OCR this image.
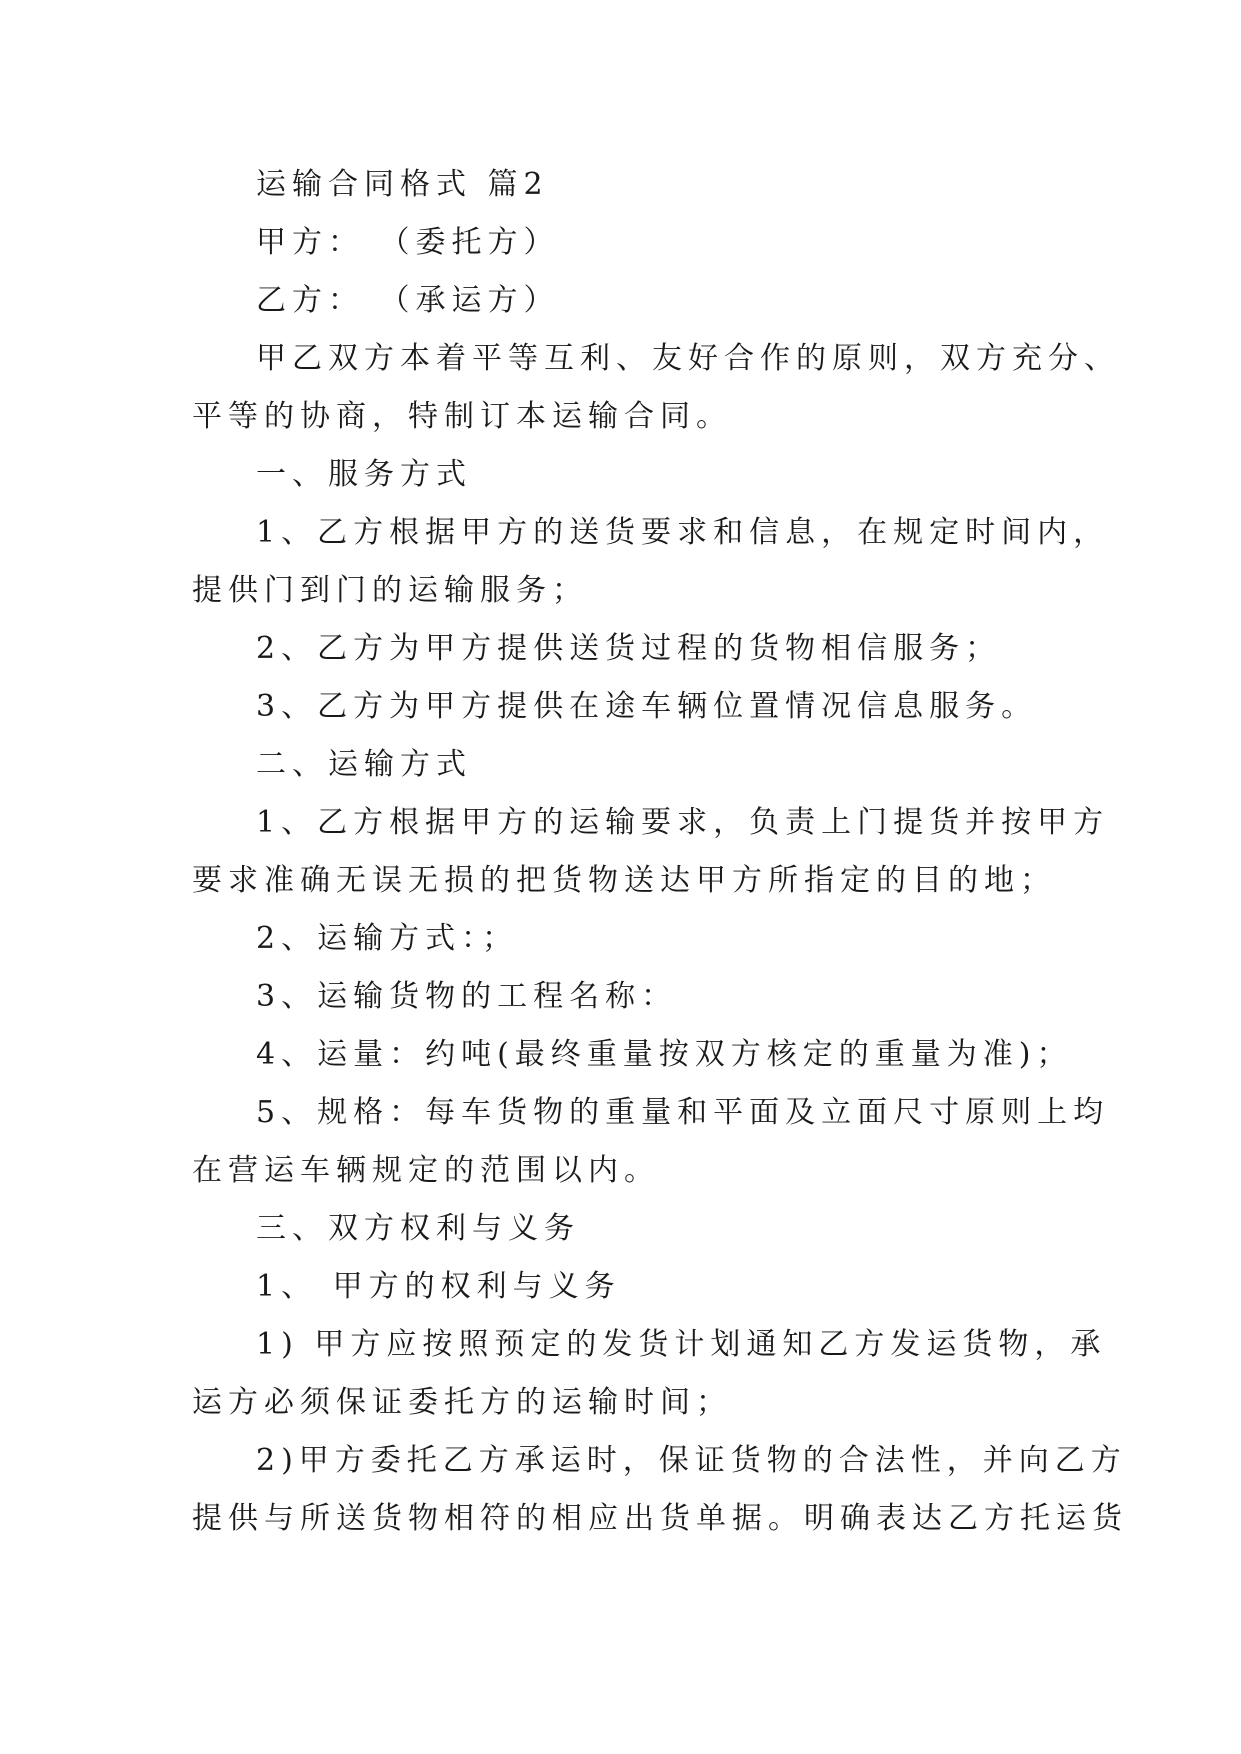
运输合同格式 篇2

甲方： （委托方）

乙方： （承运方）

甲乙双方本着平等互利、友好合作的原则，双方充分、
平等的协商，特制订本运输合同。

一、服务方式

1、乙方根据甲方的送货要求和信息，在规定时间内，
提供门到门的运输服务；

2、乙方为甲方提供送货过程的货物相信服务；

3、乙方为甲方提供在途车辆位置情况信息服务。

二、运输方式

1、乙方根据甲方的运输要求，负责上门提货并按甲方
要求准确无误无损的把货物送达甲方所指定的目的地；

2、运输方式：；

3、运输货物的工程名称：

4、运量：约吨(最终重量按双方核定的重量为准)；

5、规格：每车货物的重量和平面及立面尺寸原则上均
在营运车辆规定的范围以内。

三、双方权利与义务

1、 甲方的权利与义务

1) 甲方应按照预定的发货计划通知乙方发运货物，承
运方必须保证委托方的运输时间；
2)甲方委托乙方承运时，保证货物的合法性，并向乙方
提供与所送货物相符的相应出货单据。明确表达乙方托运货
